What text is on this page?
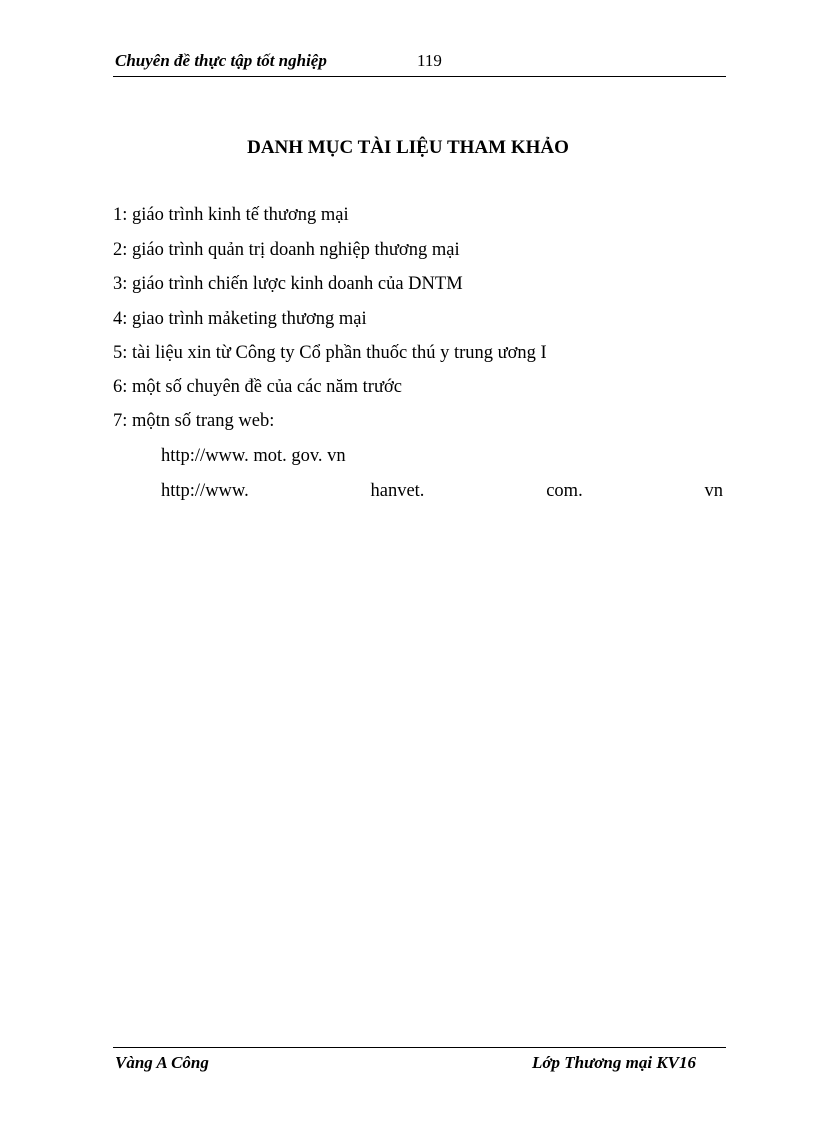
Chuyên đề thực tập tốt nghiệp	119
DANH MỤC TÀI LIỆU THAM KHẢO
1: giáo trình kinh tế thương mại
2: giáo trình quản trị doanh nghiệp thương mại
3: giáo trình chiến lược kinh doanh của DNTM
4: giao trình mảketing thương mại
5: tài liệu xin từ Công ty Cổ phần thuốc thú y trung ương I
6: một số chuyên đề của các năm trước
7: mộtn số trang web:
http://www. mot. gov. vn
http://www.	hanvet.	com.	vn
Vàng A Công	Lớp Thương mại KV16
